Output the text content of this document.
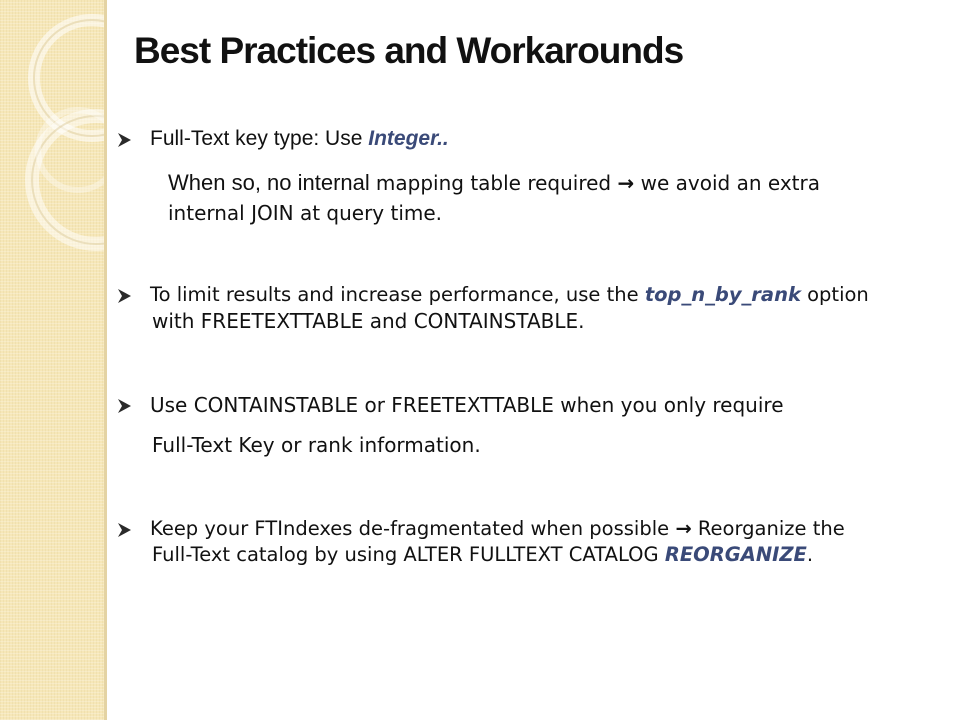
Best Practices and Workarounds
Full-Text key type: Use Integer..
When so, no internal mapping table required → we avoid an extra
internal JOIN at query time.
To limit results and increase performance, use the top_n_by_rank option
with FREETEXTTABLE and CONTAINSTABLE.
Use CONTAINSTABLE or FREETEXTTABLE when you only require
Full-Text Key or rank information.
Keep your FTIndexes de-fragmentated when possible → Reorganize the
Full-Text catalog by using ALTER FULLTEXT CATALOG REORGANIZE.
